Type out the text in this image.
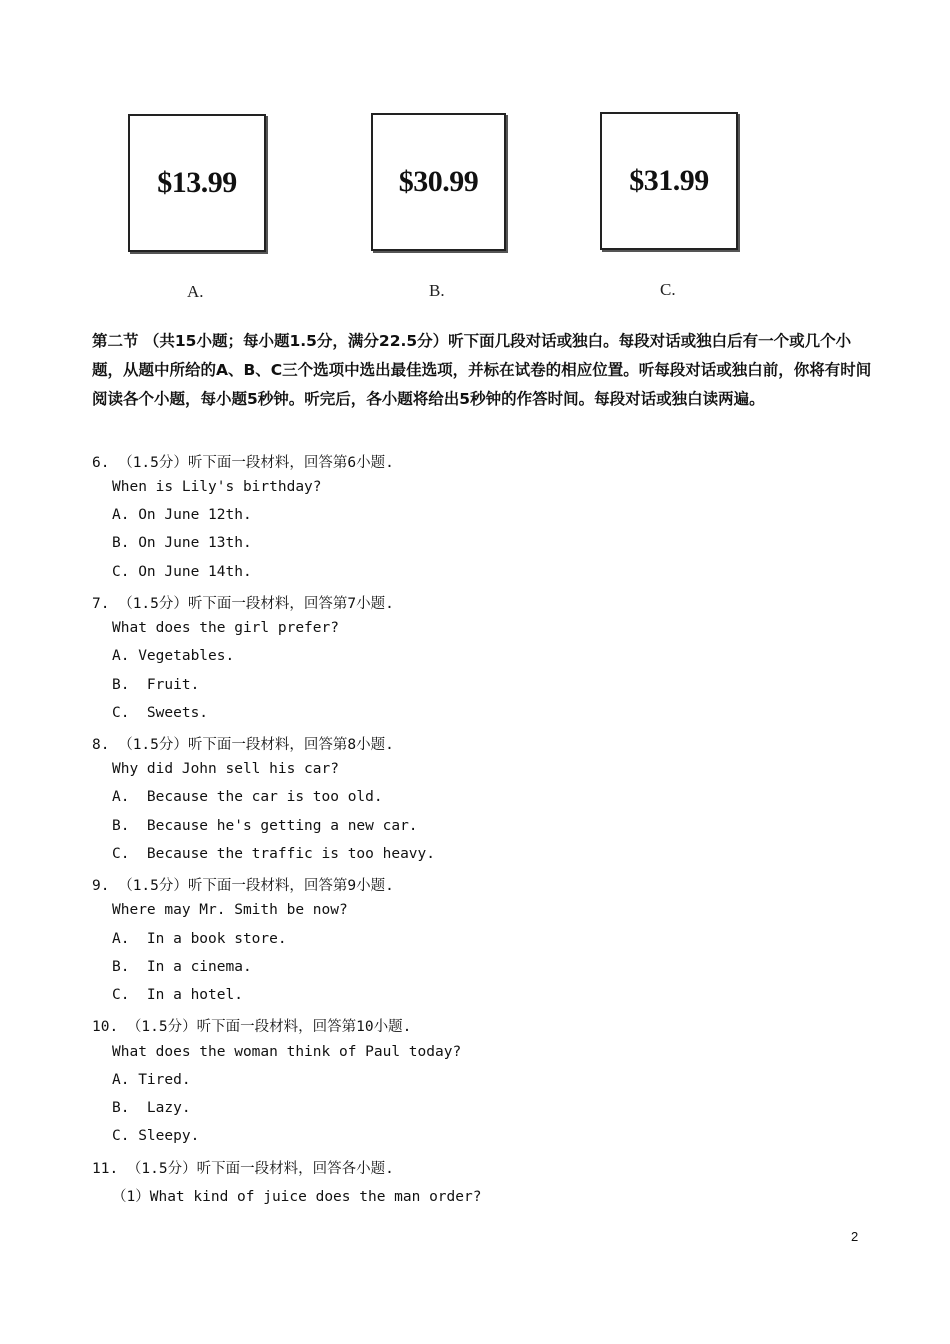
$13.99	$30.99	$31.99
A.	B.	C.
第二节 （共15小题；每小题1.5分，满分22.5分）听下面几段对话或独白。每段对话或独白后有一个或几个小题，从题中所给的A、B、C三个选项中选出最佳选项，并标在试卷的相应位置。听每段对话或独白前，你将有时间阅读各个小题，每小题5秒钟。听完后，各小题将给出5秒钟的作答时间。每段对话或独白读两遍。
6. （1.5分）听下面一段材料，回答第6小题.
When is Lily's birthday?
A. On June 12th.
B. On June 13th.
C. On June 14th.
7. （1.5分）听下面一段材料，回答第7小题.
What does the girl prefer?
A. Vegetables.
B.  Fruit.
C.  Sweets.
8. （1.5分）听下面一段材料，回答第8小题.
Why did John sell his car?
A.  Because the car is too old.
B.  Because he's getting a new car.
C.  Because the traffic is too heavy.
9. （1.5分）听下面一段材料，回答第9小题.
Where may Mr. Smith be now?
A.  In a book store.
B.  In a cinema.
C.  In a hotel.
10. （1.5分）听下面一段材料，回答第10小题.
What does the woman think of Paul today?
A. Tired.
B.  Lazy.
C. Sleepy.
11. （1.5分）听下面一段材料，回答各小题.
（1）What kind of juice does the man order?
2
